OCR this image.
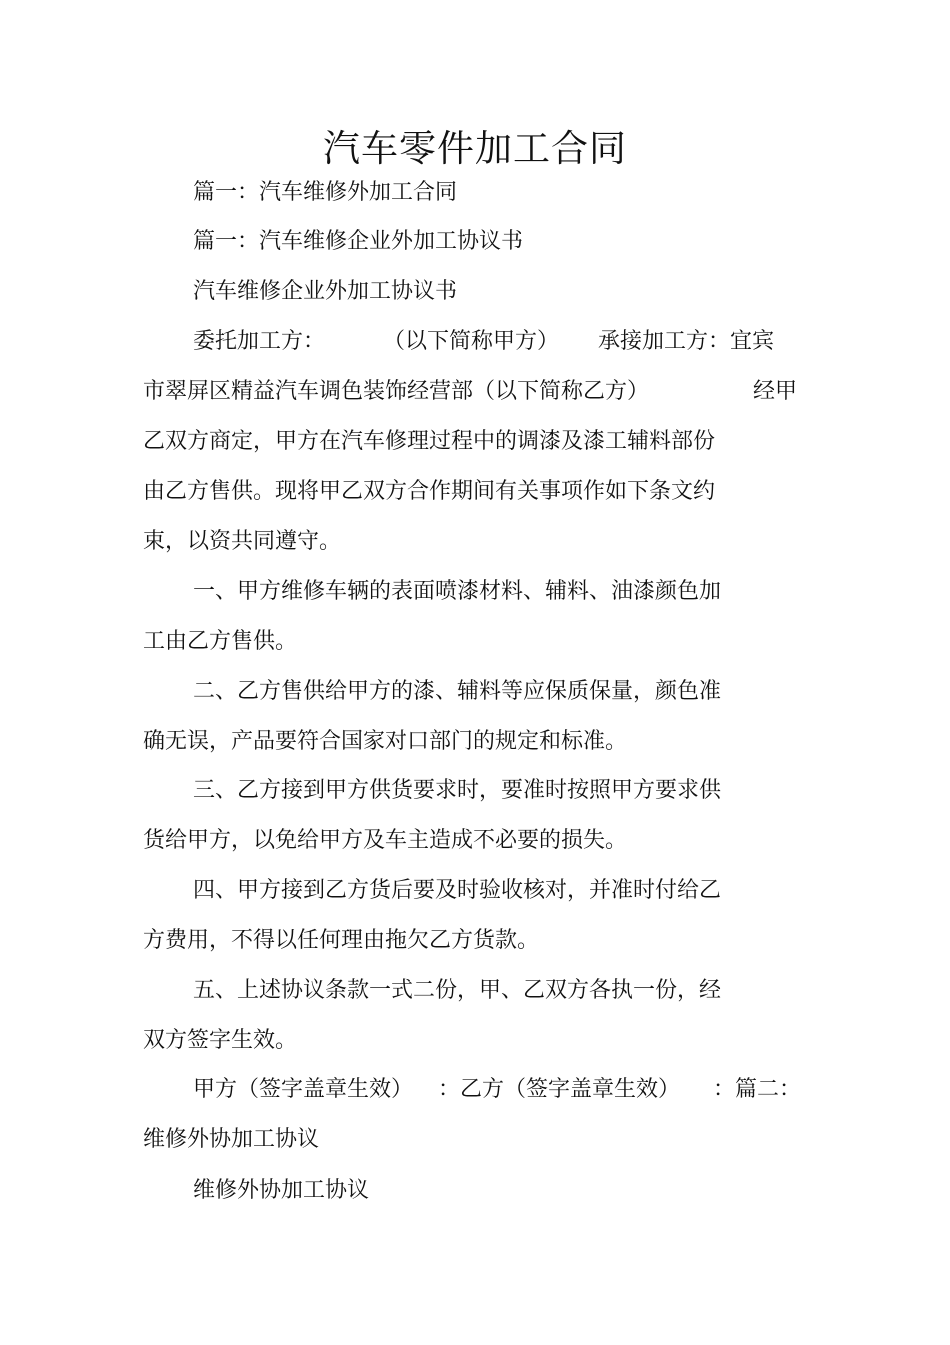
汽车零件加工合同
篇一：汽车维修外加工合同
篇一：汽车维修企业外加工协议书
汽车维修企业外加工协议书
委托加工方：	（以下简称甲方） 承接加工方：宜宾
市翠屏区精益汽车调色装饰经营部（以下简称乙方）	经甲
乙双方商定，甲方在汽车修理过程中的调漆及漆工辅料部份
由乙方售供。现将甲乙双方合作期间有关事项作如下条文约
束，以资共同遵守。
一、甲方维修车辆的表面喷漆材料、辅料、油漆颜色加
工由乙方售供。
二、乙方售供给甲方的漆、辅料等应保质保量，颜色准
确无误，产品要符合国家对口部门的规定和标准。
三、乙方接到甲方供货要求时，要准时按照甲方要求供
货给甲方，以免给甲方及车主造成不必要的损失。
四、甲方接到乙方货后要及时验收核对，并准时付给乙
方费用，不得以任何理由拖欠乙方货款。
五、上述协议条款一式二份，甲、乙双方各执一份，经
双方签字生效。
甲方（签字盖章生效） ：乙方（签字盖章生效） ：篇二：
维修外协加工协议
维修外协加工协议
